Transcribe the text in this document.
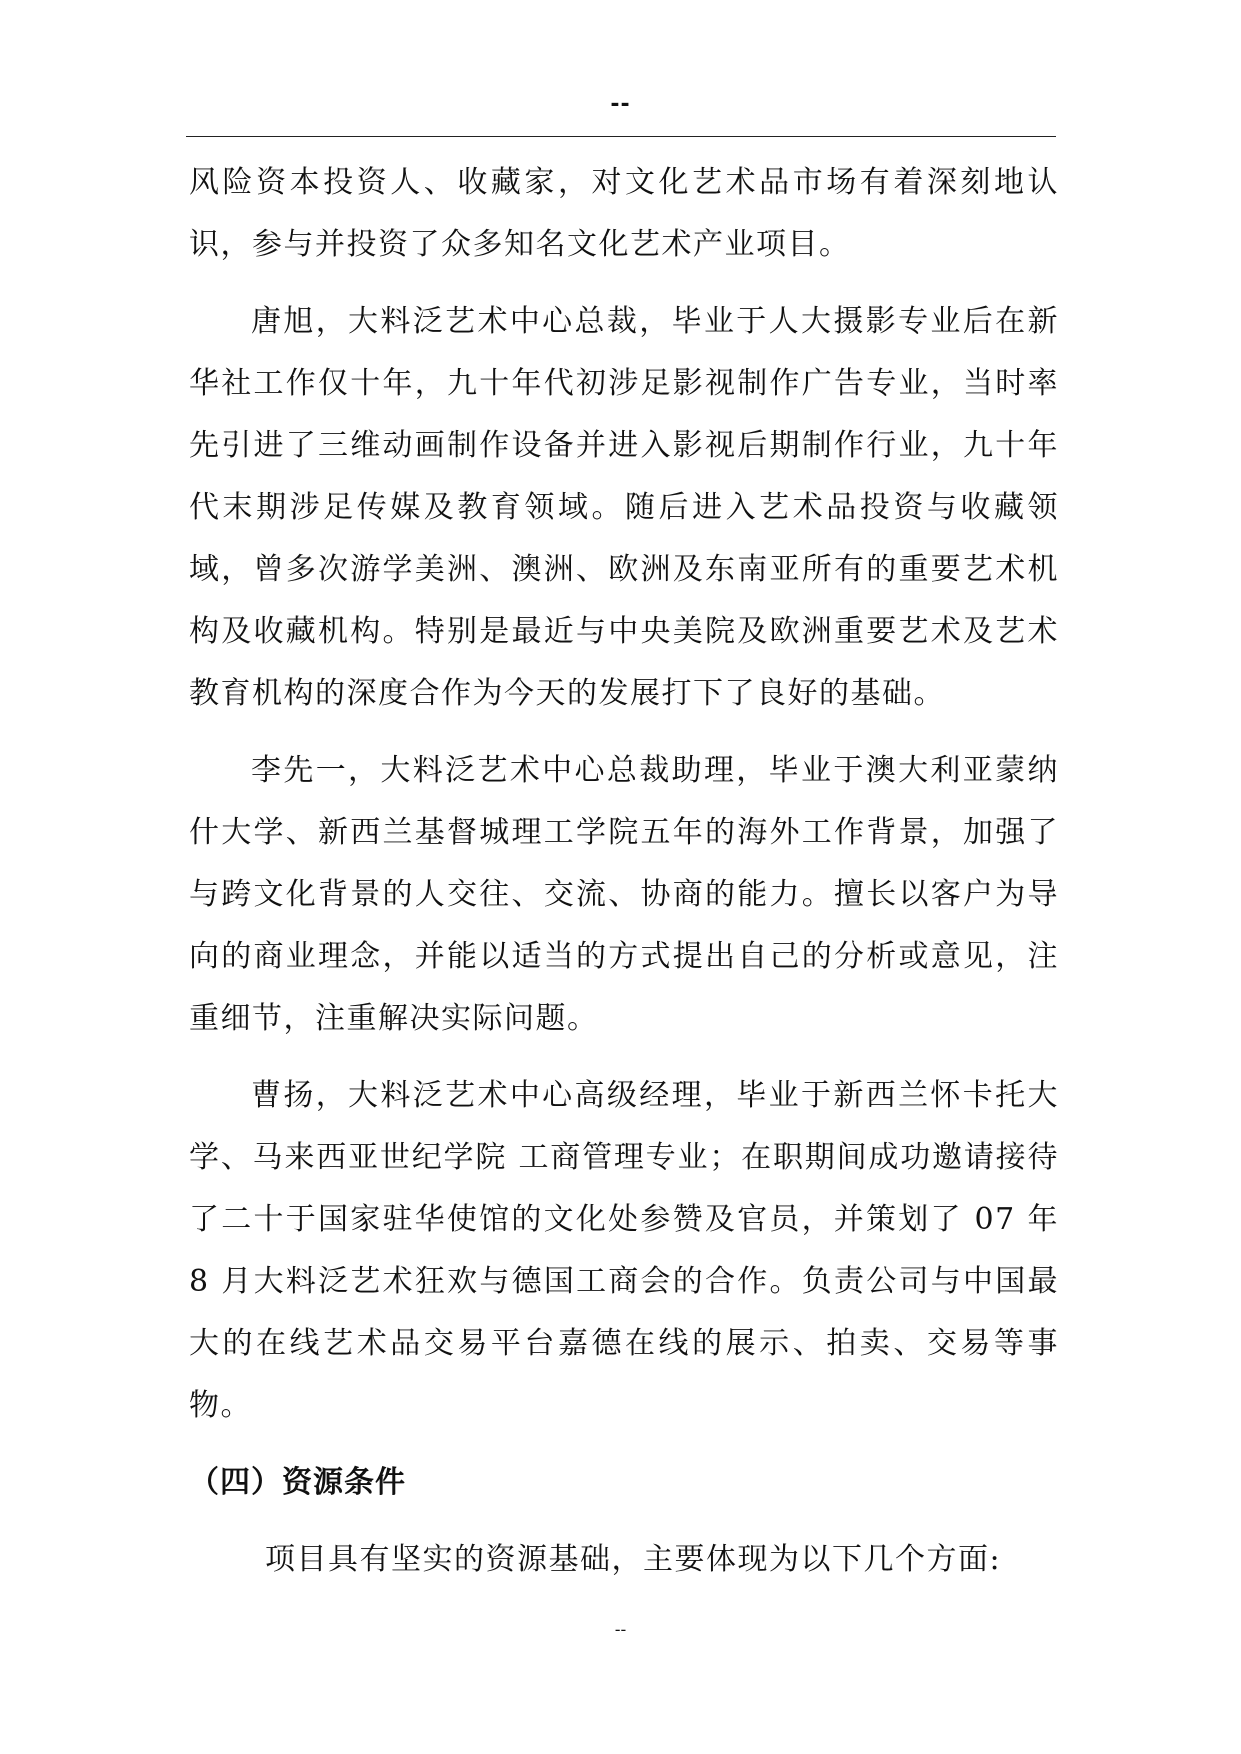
--

风险资本投资人、收藏家，对文化艺术品市场有着深刻地认识，参与并投资了众多知名文化艺术产业项目。

唐旭，大料泛艺术中心总裁，毕业于人大摄影专业后在新华社工作仅十年，九十年代初涉足影视制作广告专业，当时率先引进了三维动画制作设备并进入影视后期制作行业，九十年代末期涉足传媒及教育领域。随后进入艺术品投资与收藏领域，曾多次游学美洲、澳洲、欧洲及东南亚所有的重要艺术机构及收藏机构。特别是最近与中央美院及欧洲重要艺术及艺术教育机构的深度合作为今天的发展打下了良好的基础。

李先一，大料泛艺术中心总裁助理，毕业于澳大利亚蒙纳什大学、新西兰基督城理工学院五年的海外工作背景，加强了与跨文化背景的人交往、交流、协商的能力。擅长以客户为导向的商业理念，并能以适当的方式提出自己的分析或意见，注重细节，注重解决实际问题。

曹扬，大料泛艺术中心高级经理，毕业于新西兰怀卡托大学、马来西亚世纪学院 工商管理专业；在职期间成功邀请接待了二十于国家驻华使馆的文化处参赞及官员，并策划了 07 年 8 月大料泛艺术狂欢与德国工商会的合作。负责公司与中国最大的在线艺术品交易平台嘉德在线的展示、拍卖、交易等事物。

（四）资源条件

项目具有坚实的资源基础，主要体现为以下几个方面:

--
